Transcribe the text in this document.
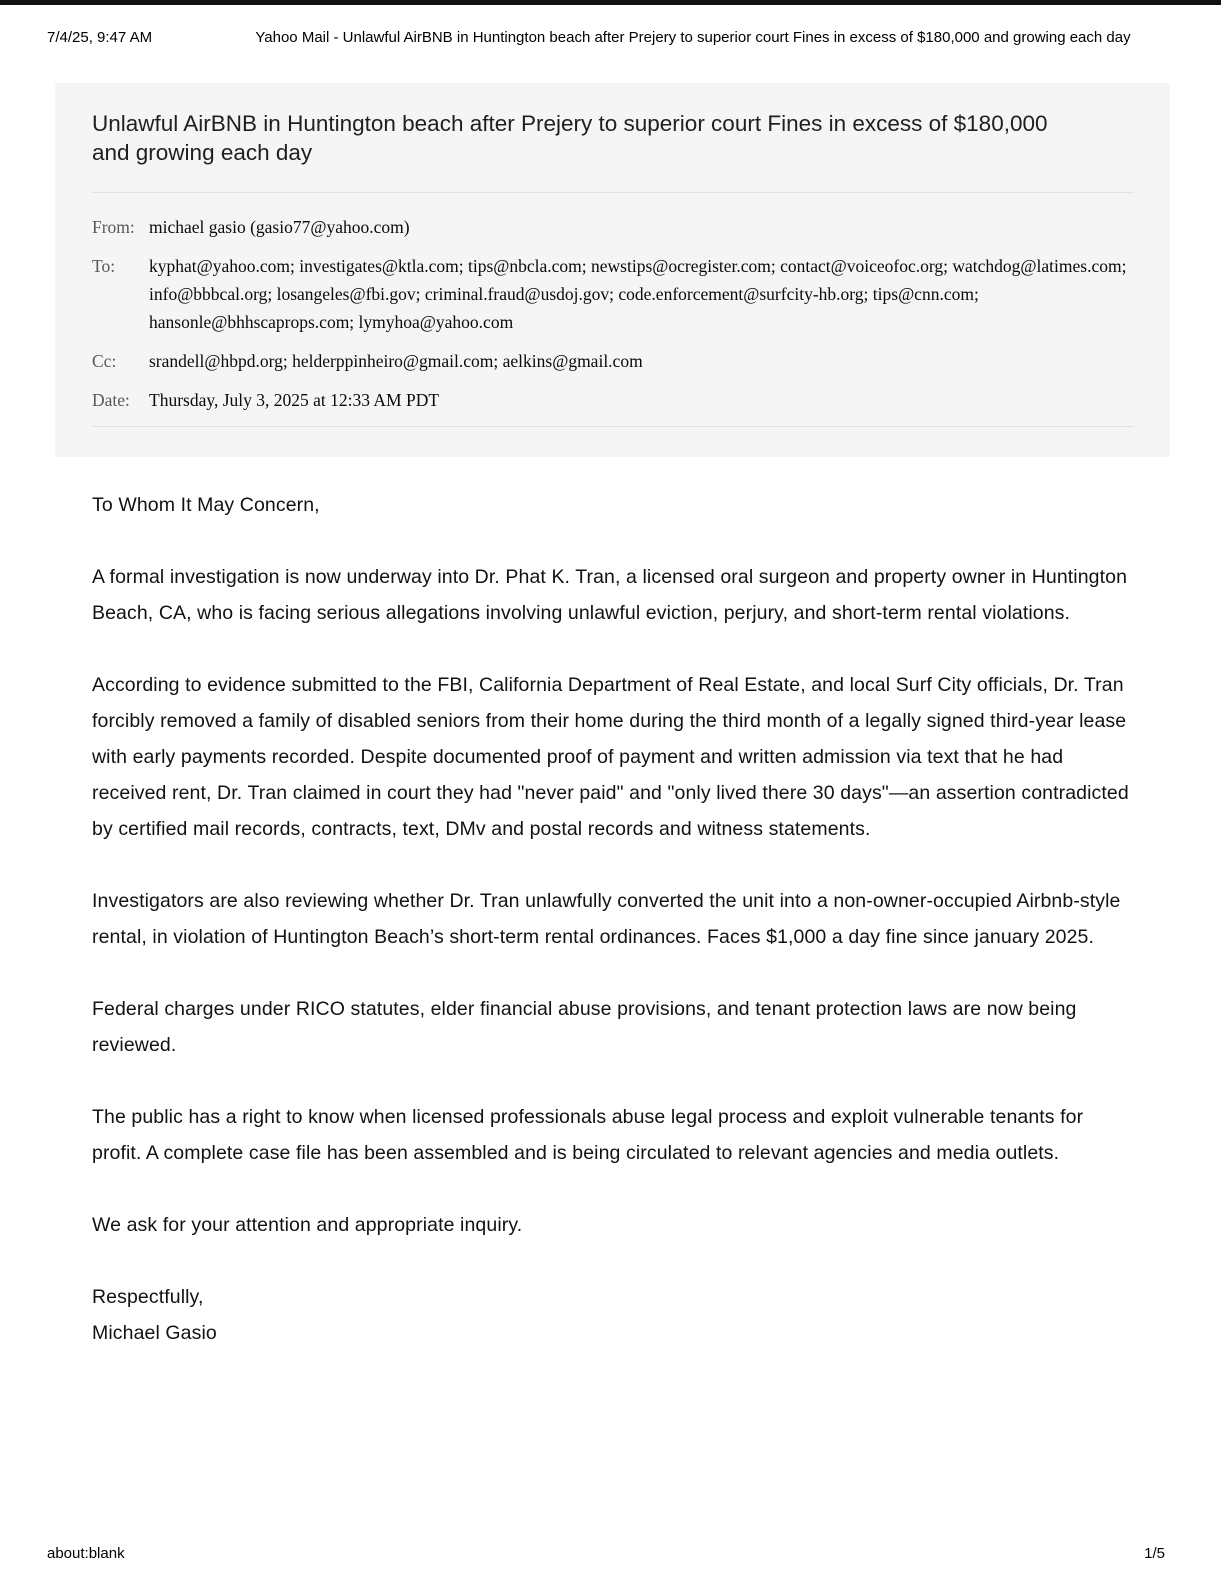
7/4/25, 9:47 AM	Yahoo Mail - Unlawful AirBNB in Huntington beach after Prejery to superior court Fines in excess of $180,000 and growing each day
Unlawful AirBNB in Huntington beach after Prejery to superior court Fines in excess of $180,000 and growing each day
From: michael gasio (gasio77@yahoo.com)
To:	kyphat@yahoo.com; investigates@ktla.com; tips@nbcla.com; newstips@ocregister.com; contact@voiceofoc.org; watchdog@latimes.com; info@bbbcal.org; losangeles@fbi.gov; criminal.fraud@usdoj.gov; code.enforcement@surfcity-hb.org; tips@cnn.com; hansonle@bhhscaprops.com; lymyhoa@yahoo.com
Cc:	srandell@hbpd.org; helderppinheiro@gmail.com; aelkins@gmail.com
Date:	Thursday, July 3, 2025 at 12:33 AM PDT

To Whom It May Concern,

A formal investigation is now underway into Dr. Phat K. Tran, a licensed oral surgeon and property owner in Huntington Beach, CA, who is facing serious allegations involving unlawful eviction, perjury, and short-term rental violations.

According to evidence submitted to the FBI, California Department of Real Estate, and local Surf City officials, Dr. Tran forcibly removed a family of disabled seniors from their home during the third month of a legally signed third-year lease with early payments recorded. Despite documented proof of payment and written admission via text that he had received rent, Dr. Tran claimed in court they had "never paid" and "only lived there 30 days"—an assertion contradicted by certified mail records, contracts, text, DMv and postal records and witness statements.

Investigators are also reviewing whether Dr. Tran unlawfully converted the unit into a non-owner-occupied Airbnb-style rental, in violation of Huntington Beach’s short-term rental ordinances. Faces $1,000 a day fine since january 2025.

Federal charges under RICO statutes, elder financial abuse provisions, and tenant protection laws are now being reviewed.

The public has a right to know when licensed professionals abuse legal process and exploit vulnerable tenants for profit. A complete case file has been assembled and is being circulated to relevant agencies and media outlets.

We ask for your attention and appropriate inquiry.

Respectfully,
Michael Gasio
about:blank	1/5
